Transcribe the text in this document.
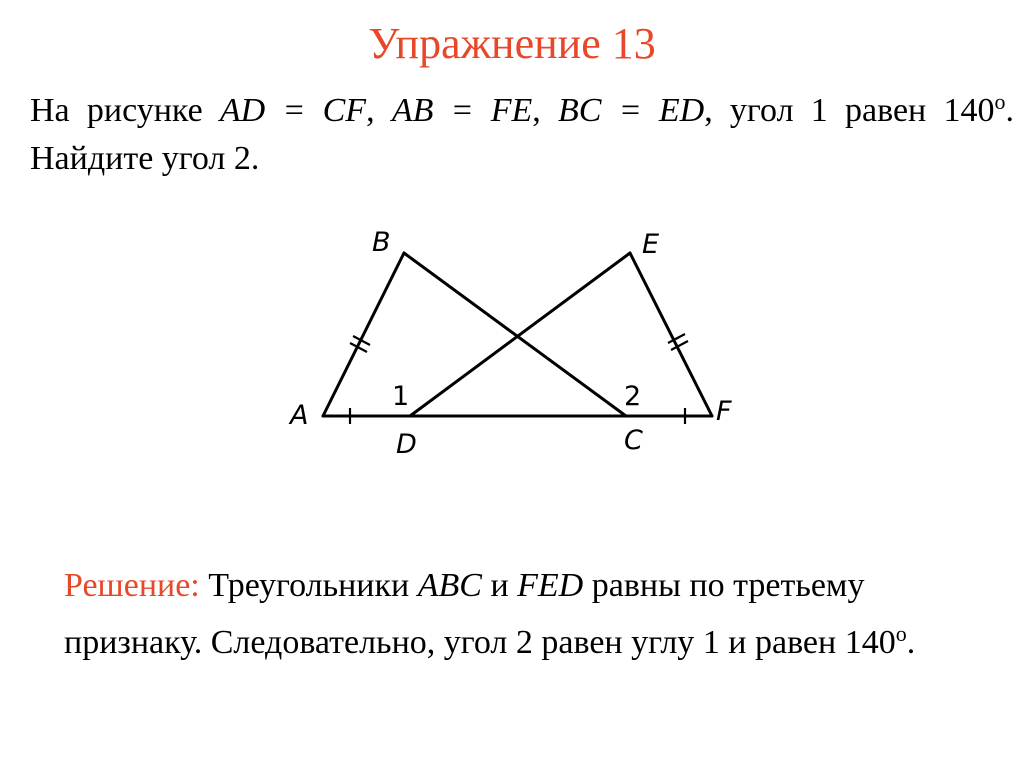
Упражнение 13
На рисунке AD = CF, AB = FE, BC = ED, угол 1 равен 140$^o$. Найдите угол 2.
A
B	E
F
D	C
1	2
Решение: Треугольники ABC и FED равны по третьему признаку. Следовательно, угол 2 равен углу 1 и равен 140$^o$.
